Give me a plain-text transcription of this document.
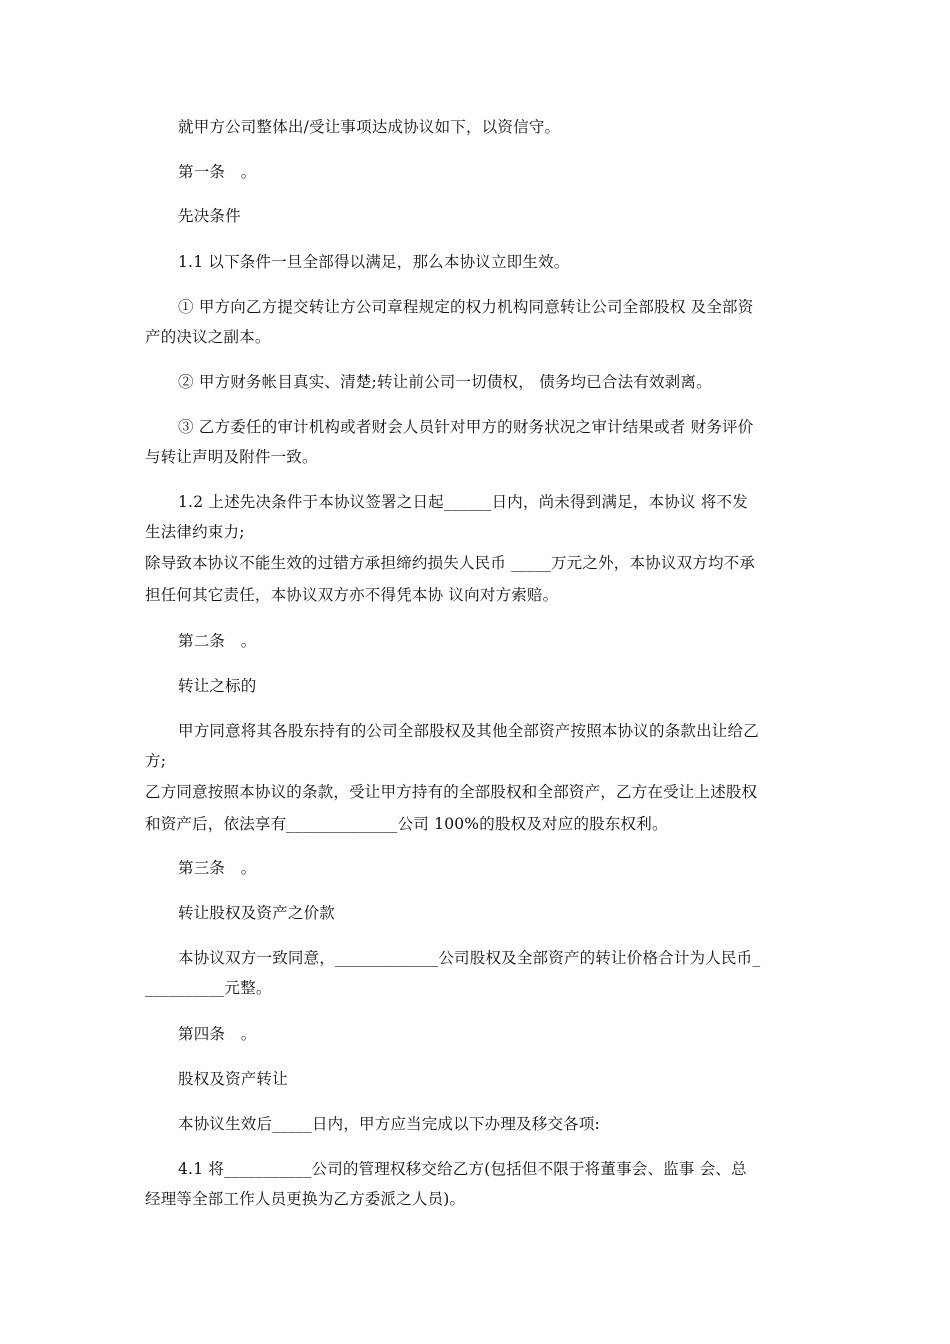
就甲方公司整体出/受让事项达成协议如下，以资信守。
第一条　。
先决条件
1.1 以下条件一旦全部得以满足，那么本协议立即生效。
① 甲方向乙方提交转让方公司章程规定的权力机构同意转让公司全部股权 及全部资
产的决议之副本。
② 甲方财务帐目真实、清楚;转让前公司一切债权， 债务均已合法有效剥离。
③ 乙方委任的审计机构或者财会人员针对甲方的财务状况之审计结果或者 财务评价
与转让声明及附件一致。
1.2 上述先决条件于本协议签署之日起______日内，尚未得到满足，本协议 将不发
生法律约束力;
除导致本协议不能生效的过错方承担缔约损失人民币 _____万元之外，本协议双方均不承
担任何其它责任，本协议双方亦不得凭本协 议向对方索赔。
第二条　。
转让之标的
甲方同意将其各股东持有的公司全部股权及其他全部资产按照本协议的条款出让给乙
方;
乙方同意按照本协议的条款，受让甲方持有的全部股权和全部资产，乙方在受让上述股权
和资产后，依法享有______________公司 100%的股权及对应的股东权利。
第三条　。
转让股权及资产之价款
本协议双方一致同意，_____________公司股权及全部资产的转让价格合计为人民币_
__________元整。
第四条　。
股权及资产转让
本协议生效后_____日内，甲方应当完成以下办理及移交各项:
4.1 将___________公司的管理权移交给乙方(包括但不限于将董事会、监事 会、总
经理等全部工作人员更换为乙方委派之人员)。
